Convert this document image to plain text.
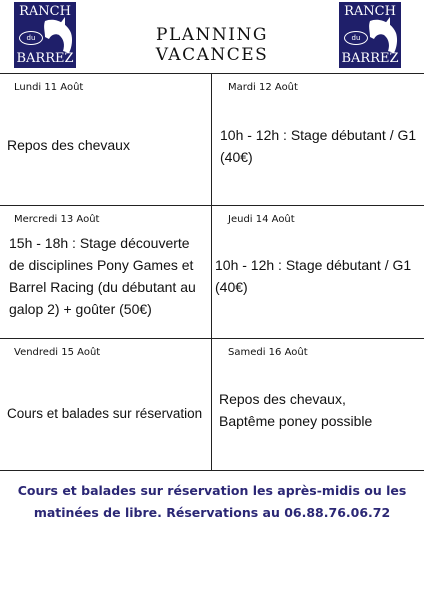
RANCH
du
BARREZ
PLANNING VACANCES
RANCH
du
BARREZ
Lundi 11 Août
Repos des chevaux
Mardi 12 Août
10h - 12h : Stage débutant / G1 (40€)
Mercredi 13 Août
15h - 18h : Stage découverte de disciplines Pony Games et Barrel Racing (du débutant au galop 2) + goûter (50€)
Jeudi 14 Août
10h - 12h : Stage débutant / G1 (40€)
Vendredi 15 Août
Cours et balades sur réservation
Samedi 16 Août
Repos des chevaux, Baptême poney possible
Cours et balades sur réservation les après-midis ou les matinées de libre. Réservations au 06.88.76.06.72
